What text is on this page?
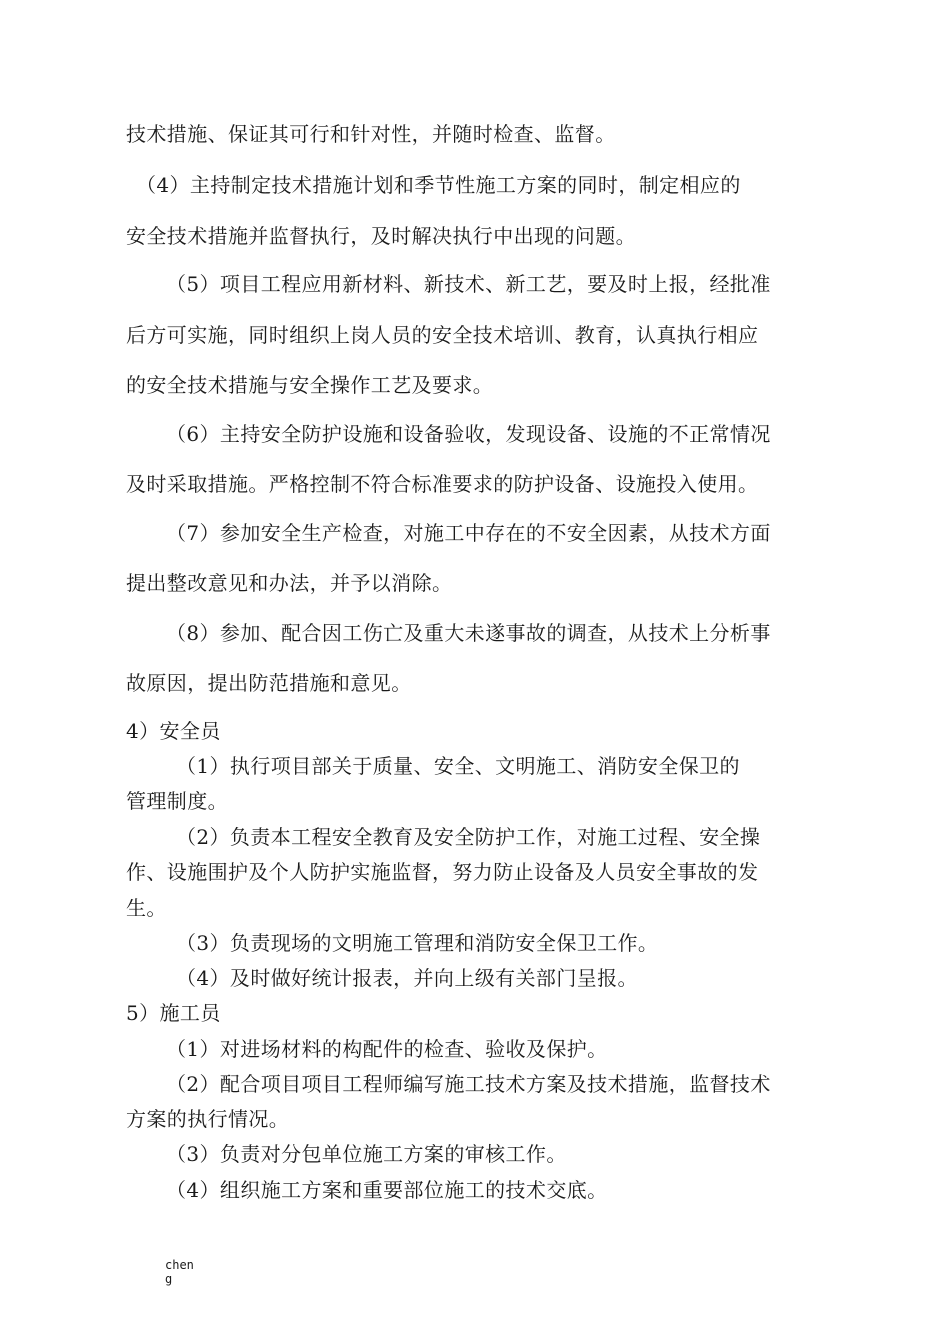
技术措施、保证其可行和针对性，并随时检查、监督。
（4）主持制定技术措施计划和季节性施工方案的同时，制定相应的
安全技术措施并监督执行，及时解决执行中出现的问题。
（5）项目工程应用新材料、新技术、新工艺，要及时上报，经批准
后方可实施，同时组织上岗人员的安全技术培训、教育，认真执行相应
的安全技术措施与安全操作工艺及要求。
（6）主持安全防护设施和设备验收，发现设备、设施的不正常情况
及时采取措施。严格控制不符合标准要求的防护设备、设施投入使用。
（7）参加安全生产检查，对施工中存在的不安全因素，从技术方面
提出整改意见和办法，并予以消除。
（8）参加、配合因工伤亡及重大未遂事故的调查，从技术上分析事
故原因，提出防范措施和意见。
4）安全员
（1）执行项目部关于质量、安全、文明施工、消防安全保卫的
管理制度。
（2）负责本工程安全教育及安全防护工作，对施工过程、安全操
作、设施围护及个人防护实施监督，努力防止设备及人员安全事故的发
生。
（3）负责现场的文明施工管理和消防安全保卫工作。
（4）及时做好统计报表，并向上级有关部门呈报。
5）施工员
（1）对进场材料的构配件的检查、验收及保护。
（2）配合项目项目工程师编写施工技术方案及技术措施，监督技术
方案的执行情况。
（3）负责对分包单位施工方案的审核工作。
（4）组织施工方案和重要部位施工的技术交底。
cheng
